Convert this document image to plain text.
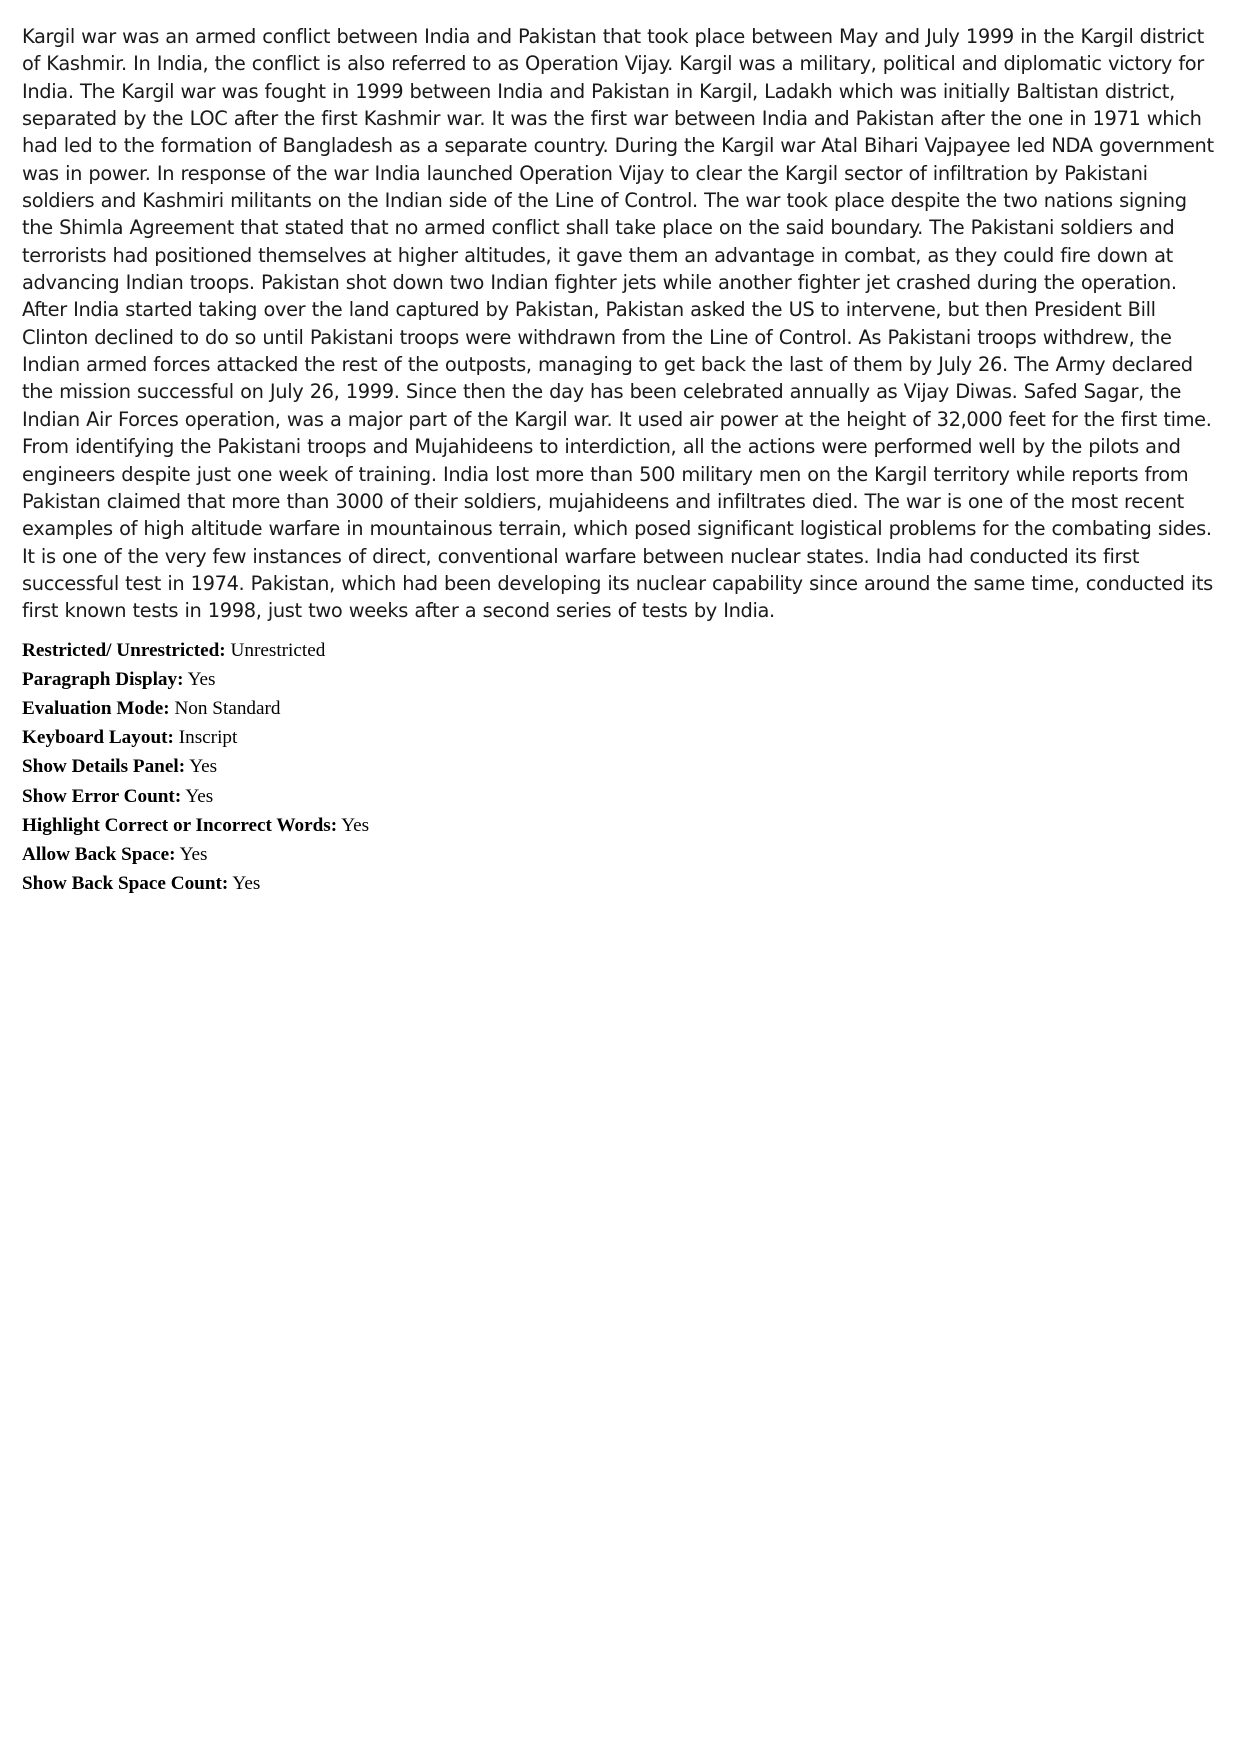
Kargil war was an armed conflict between India and Pakistan that took place between May and July 1999 in the Kargil district of Kashmir. In India, the conflict is also referred to as Operation Vijay. Kargil was a military, political and diplomatic victory for India. The Kargil war was fought in 1999 between India and Pakistan in Kargil, Ladakh which was initially Baltistan district, separated by the LOC after the first Kashmir war. It was the first war between India and Pakistan after the one in 1971 which had led to the formation of Bangladesh as a separate country. During the Kargil war Atal Bihari Vajpayee led NDA government was in power. In response of the war India launched Operation Vijay to clear the Kargil sector of infiltration by Pakistani soldiers and Kashmiri militants on the Indian side of the Line of Control. The war took place despite the two nations signing the Shimla Agreement that stated that no armed conflict shall take place on the said boundary. The Pakistani soldiers and terrorists had positioned themselves at higher altitudes, it gave them an advantage in combat, as they could fire down at advancing Indian troops. Pakistan shot down two Indian fighter jets while another fighter jet crashed during the operation. After India started taking over the land captured by Pakistan, Pakistan asked the US to intervene, but then President Bill Clinton declined to do so until Pakistani troops were withdrawn from the Line of Control. As Pakistani troops withdrew, the Indian armed forces attacked the rest of the outposts, managing to get back the last of them by July 26. The Army declared the mission successful on July 26, 1999. Since then the day has been celebrated annually as Vijay Diwas. Safed Sagar, the Indian Air Forces operation, was a major part of the Kargil war. It used air power at the height of 32,000 feet for the first time. From identifying the Pakistani troops and Mujahideens to interdiction, all the actions were performed well by the pilots and engineers despite just one week of training. India lost more than 500 military men on the Kargil territory while reports from Pakistan claimed that more than 3000 of their soldiers, mujahideens and infiltrates died. The war is one of the most recent examples of high altitude warfare in mountainous terrain, which posed significant logistical problems for the combating sides. It is one of the very few instances of direct, conventional warfare between nuclear states. India had conducted its first successful test in 1974. Pakistan, which had been developing its nuclear capability since around the same time, conducted its first known tests in 1998, just two weeks after a second series of tests by India.

Restricted/ Unrestricted: Unrestricted
Paragraph Display: Yes
Evaluation Mode: Non Standard
Keyboard Layout: Inscript
Show Details Panel: Yes
Show Error Count: Yes
Highlight Correct or Incorrect Words: Yes
Allow Back Space: Yes
Show Back Space Count: Yes
